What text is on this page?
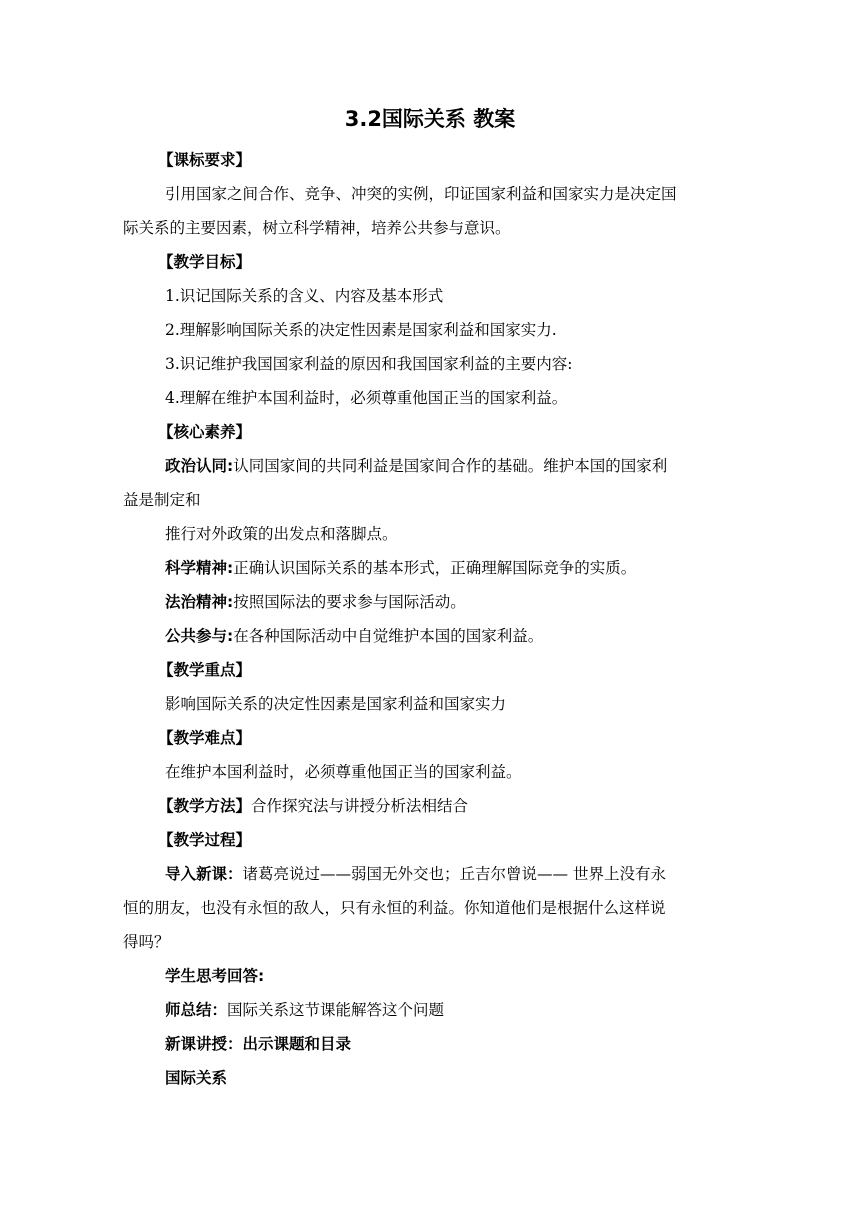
3.2国际关系 教案
【课标要求】
引用国家之间合作、竞争、冲突的实例，印证国家利益和国家实力是决定国
际关系的主要因素，树立科学精神，培养公共参与意识。
【教学目标】
1.识记国际关系的含义、内容及基本形式
2.理解影响国际关系的决定性因素是国家利益和国家实力.
3.识记维护我国国家利益的原因和我国国家利益的主要内容:
4.理解在维护本国利益时，必须尊重他国正当的国家利益。
【核心素养】
政治认同:认同国家间的共同利益是国家间合作的基础。维护本国的国家利
益是制定和
推行对外政策的出发点和落脚点。
科学精神:正确认识国际关系的基本形式，正确理解国际竞争的实质。
法治精神:按照国际法的要求参与国际活动。
公共参与:在各种国际活动中自觉维护本国的国家利益。
【教学重点】
影响国际关系的决定性因素是国家利益和国家实力
【教学难点】
在维护本国利益时，必须尊重他国正当的国家利益。
【教学方法】合作探究法与讲授分析法相结合
【教学过程】
导入新课：诸葛亮说过——弱国无外交也；丘吉尔曾说—— 世界上没有永
恒的朋友，也没有永恒的敌人，只有永恒的利益。你知道他们是根据什么这样说
得吗？
学生思考回答:
师总结：国际关系这节课能解答这个问题
新课讲授：出示课题和目录
国际关系
